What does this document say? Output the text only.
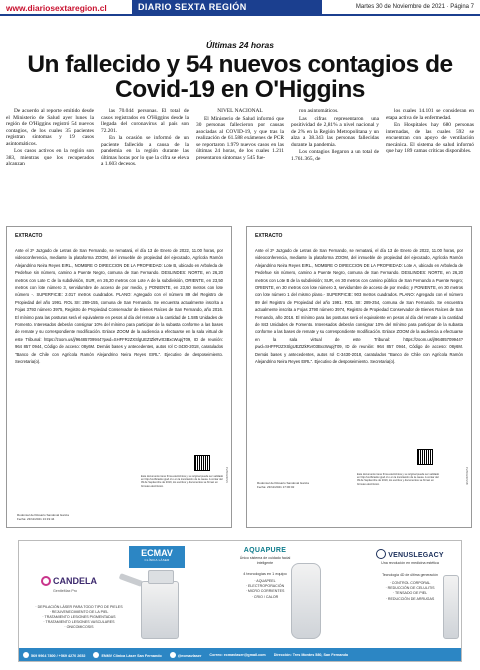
www.diariosextaregion.cl	DIARIO SEXTA REGIÓN	Martes 30 de Noviembre de 2021 · Página 7
Últimas 24 horas
Un fallecido y 54 nuevos contagios de Covid-19 en O'Higgins

De acuerdo al reporte emitido desde el Ministerio de Salud ayer lunes la región de O'Higgins registró 54 nuevos contagios, de los cuales 35 pacientes registran síntomas y 19 casos asintomáticos.

Los casos activos en la región son 383, mientras que los recuperados alcanzan

las 70.044 personas. El total de casos registrados en O'Higgins desde la llegada del coronavirus al país son 72.201.

En la ocasión se informó de un paciente fallecido a causa de la pandemia en la región durante las últimas horas por lo que la cifra se eleva a 1.603 decesos.

NIVEL NACIONAL

El Ministerio de Salud informó que 30 personas fallecieron por causas asociadas al COVID-19, y que tras la realización de 61.588 exámenes de PCR se reportaron 1.979 nuevos casos en las últimas 24 horas, de los cuales 1.211 presentaron síntomas y 545 fue-

ron asintomáticos.

Las cifras representaron una positividad de 2,81% a nivel nacional y de 2% en la Región Metropolitana y un alza a 38.343 las personas fallecidas durante la pandemia.

Los contagios llegaron a un total de 1.761.365, de

los cuales 14.101 se consideran en etapa activa de la enfermedad.

En Hospitales hay 680 personas internadas, de las cuales 592 se encuentran con apoyo de ventilación mecánica. El sistema de salud informó que hay 189 camas críticas disponibles.

EXTRACTO
Ante el 2º Juzgado de Letras de San Fernando, se rematará, el día 13 de Enero de 2022, 11.00 horas, por videoconferencia, mediante la plataforma ZOOM, del inmueble de propiedad del ejecutado, Agrícola Ramón Alejandrino Neira Reyes EIRL., NOMBRE O DIRECCION DE LA PROPIEDAD: Lote B, ubicado en Arboleda de Pedehue sin número, camino a Puente Negro, comuna de San Fernando. DESLINDES: NORTE, en 26,20 metros con Lote C de la subdivisión, SUR, en 26,20 metros con Lote A de la subdivisión, ORIENTE, en 23,50 metros con lote número 3, servidumbre de acceso de por medio, y PONIENTE, en 23,50 metros con lote número -. SUPERFICIE: 2.017 metros cuadrados. PLANO: Agregado con el número 89 del Registro de Propiedad del año 1991. ROL SII: 289-155, comuna de San Fernando. Se encuentra actualmente inscrita a Fojas 3793 número 3975, Registro de Propiedad Conservador de Bienes Raíces de San Fernando, año 2016. El mínimo para las posturas será el equivalente en pesos al día del remate a la cantidad de 1.585 Unidades de Fomento. Interesados deberán consignar 10% del mínimo para participar de la subasta conforme a las bases de remate y su correspondiente modificación. Enlace ZOOM de la audiencia a efectuarse en la sala virtual de este Tribunal: https://zoom.us/j/96485709944?pwd=SHFFRzZXSlgUEZtZkRvr03BxcWupjT09, ID de reunión: 964 857 0944, Código de acceso: 08y6M. Demás bases y antecedentes, autos rol C-3430-2018, caratulados "Banco de Chile con Agrícola Ramón Alejandrino Neira Reyes EIRL". Ejecutivo de desposeimiento. Secretaria(o).
Este documento tiene firma electrónica y su original puede ser validado en http://verificadoc.pjud.cl o en la tramitación de la causa. A contar del 09 de Septiembre de 2019, los escritos y documentos se firman en formato electrónico.
Rodomiel del Rosario Sandoval García
Fecha: 23/11/2021 13:19:44
FVZXGNKNS
EXTRACTO
Ante el 2º Juzgado de Letras de San Fernando, se rematará, el día 13 de Enero de 2022, 11.00 horas, por videoconferencia, mediante la plataforma ZOOM, del inmueble de propiedad del ejecutado, Agrícola Ramón Alejandrino Neira Reyes EIRL., NOMBRE O DIRECCION DE LA PROPIEDAD: Lote A, ubicado en Arboleda de Pedehue sin número, camino a Puente Negro, comuna de San Fernando. DESLINDES: NORTE, en 26,20 metros con Lote B de la subdivisión; SUR, en 30 metros con camino público de San Fernando a Puente Negro; ORIENTE, en 30 metros con lote número 3, servidumbre de acceso de por medio; y PONIENTE, en 30 metros con lote número 1 del mismo plano.- SUPERFICIE: 903 metros cuadrados. PLANO: Agregado con el número 89 del Registro de Propiedad del año 1991. ROL SII: 289-254, comuna de San Fernando. Se encuentra actualmente inscrita a Fojas 3790 número 3974, Registro de Propiedad Conservador de Bienes Raíces de San Fernando, año 2016. El mínimo para las posturas será el equivalente en pesos al día del remate a la cantidad de 843 Unidades de Fomento. Interesados deberán consignar 10% del mínimo para participar de la subasta conforme a las bases de remate y su correspondiente modificación. Enlace ZOOM de la audiencia a efectuarse en la sala virtual de este Tribunal: https://zoom.us/j/96485709944?pwd=SHFFRzZXSlgUEZtZkRvr03BxcWupjT09, ID de reunión: 964 857 0944, Código de acceso: 08y6M. Demás bases y antecedentes, autos rol C-3430-2018, caratulados "Banco de Chile con Agrícola Ramón Alejandrino Neira Reyes EIRL". Ejecutivo de desposeimiento. Secretaria(o).
Este documento tiene firma electrónica y su original puede ser validado en http://verificadoc.pjud.cl o en la tramitación de la causa. A contar del 09 de Septiembre de 2019, los escritos y documentos se firman en formato electrónico.
Rodomiel del Rosario Sandoval García
Fecha: 23/11/2021 17:00:02
FVZXGNKNSB
ECMAV
CLÍNICA LÁSER
CANDELA
GentleMax Pro
· DEPILACIÓN LÁSER PARA TODO TIPO DE PIELES
· REJUVENECIMIENTO DE LA PIEL
· TRATAMIENTO LESIONES PIGMENTADAS
· TRATAMIENTO LESIONES VASCULARES
· ONICOMICOSIS
AQUAPURE
Único sistema de cuidado facial inteligente
4 tecnologías en 1 equipo
· AQUAPEEL
· ELECTROPORACIÓN
· MICRO CORRIENTES
· CRIO / CALOR
VENUSLEGACY
Una revolución en medicina estética
Tecnología 4D de última generación
· CONTROL CORPORAL
· REDUCCIÓN DE CELULITIS
· TENSADO DE PIEL
· REDUCCIÓN DE ARRUGAS
569 9964 7800 / +569 4270 2652	ENMV Clínica Láser San Fernando	@ecmavlaser Correo: ecmavlaser@gmail.com Dirección: Tres Montes 580, San Fernando
